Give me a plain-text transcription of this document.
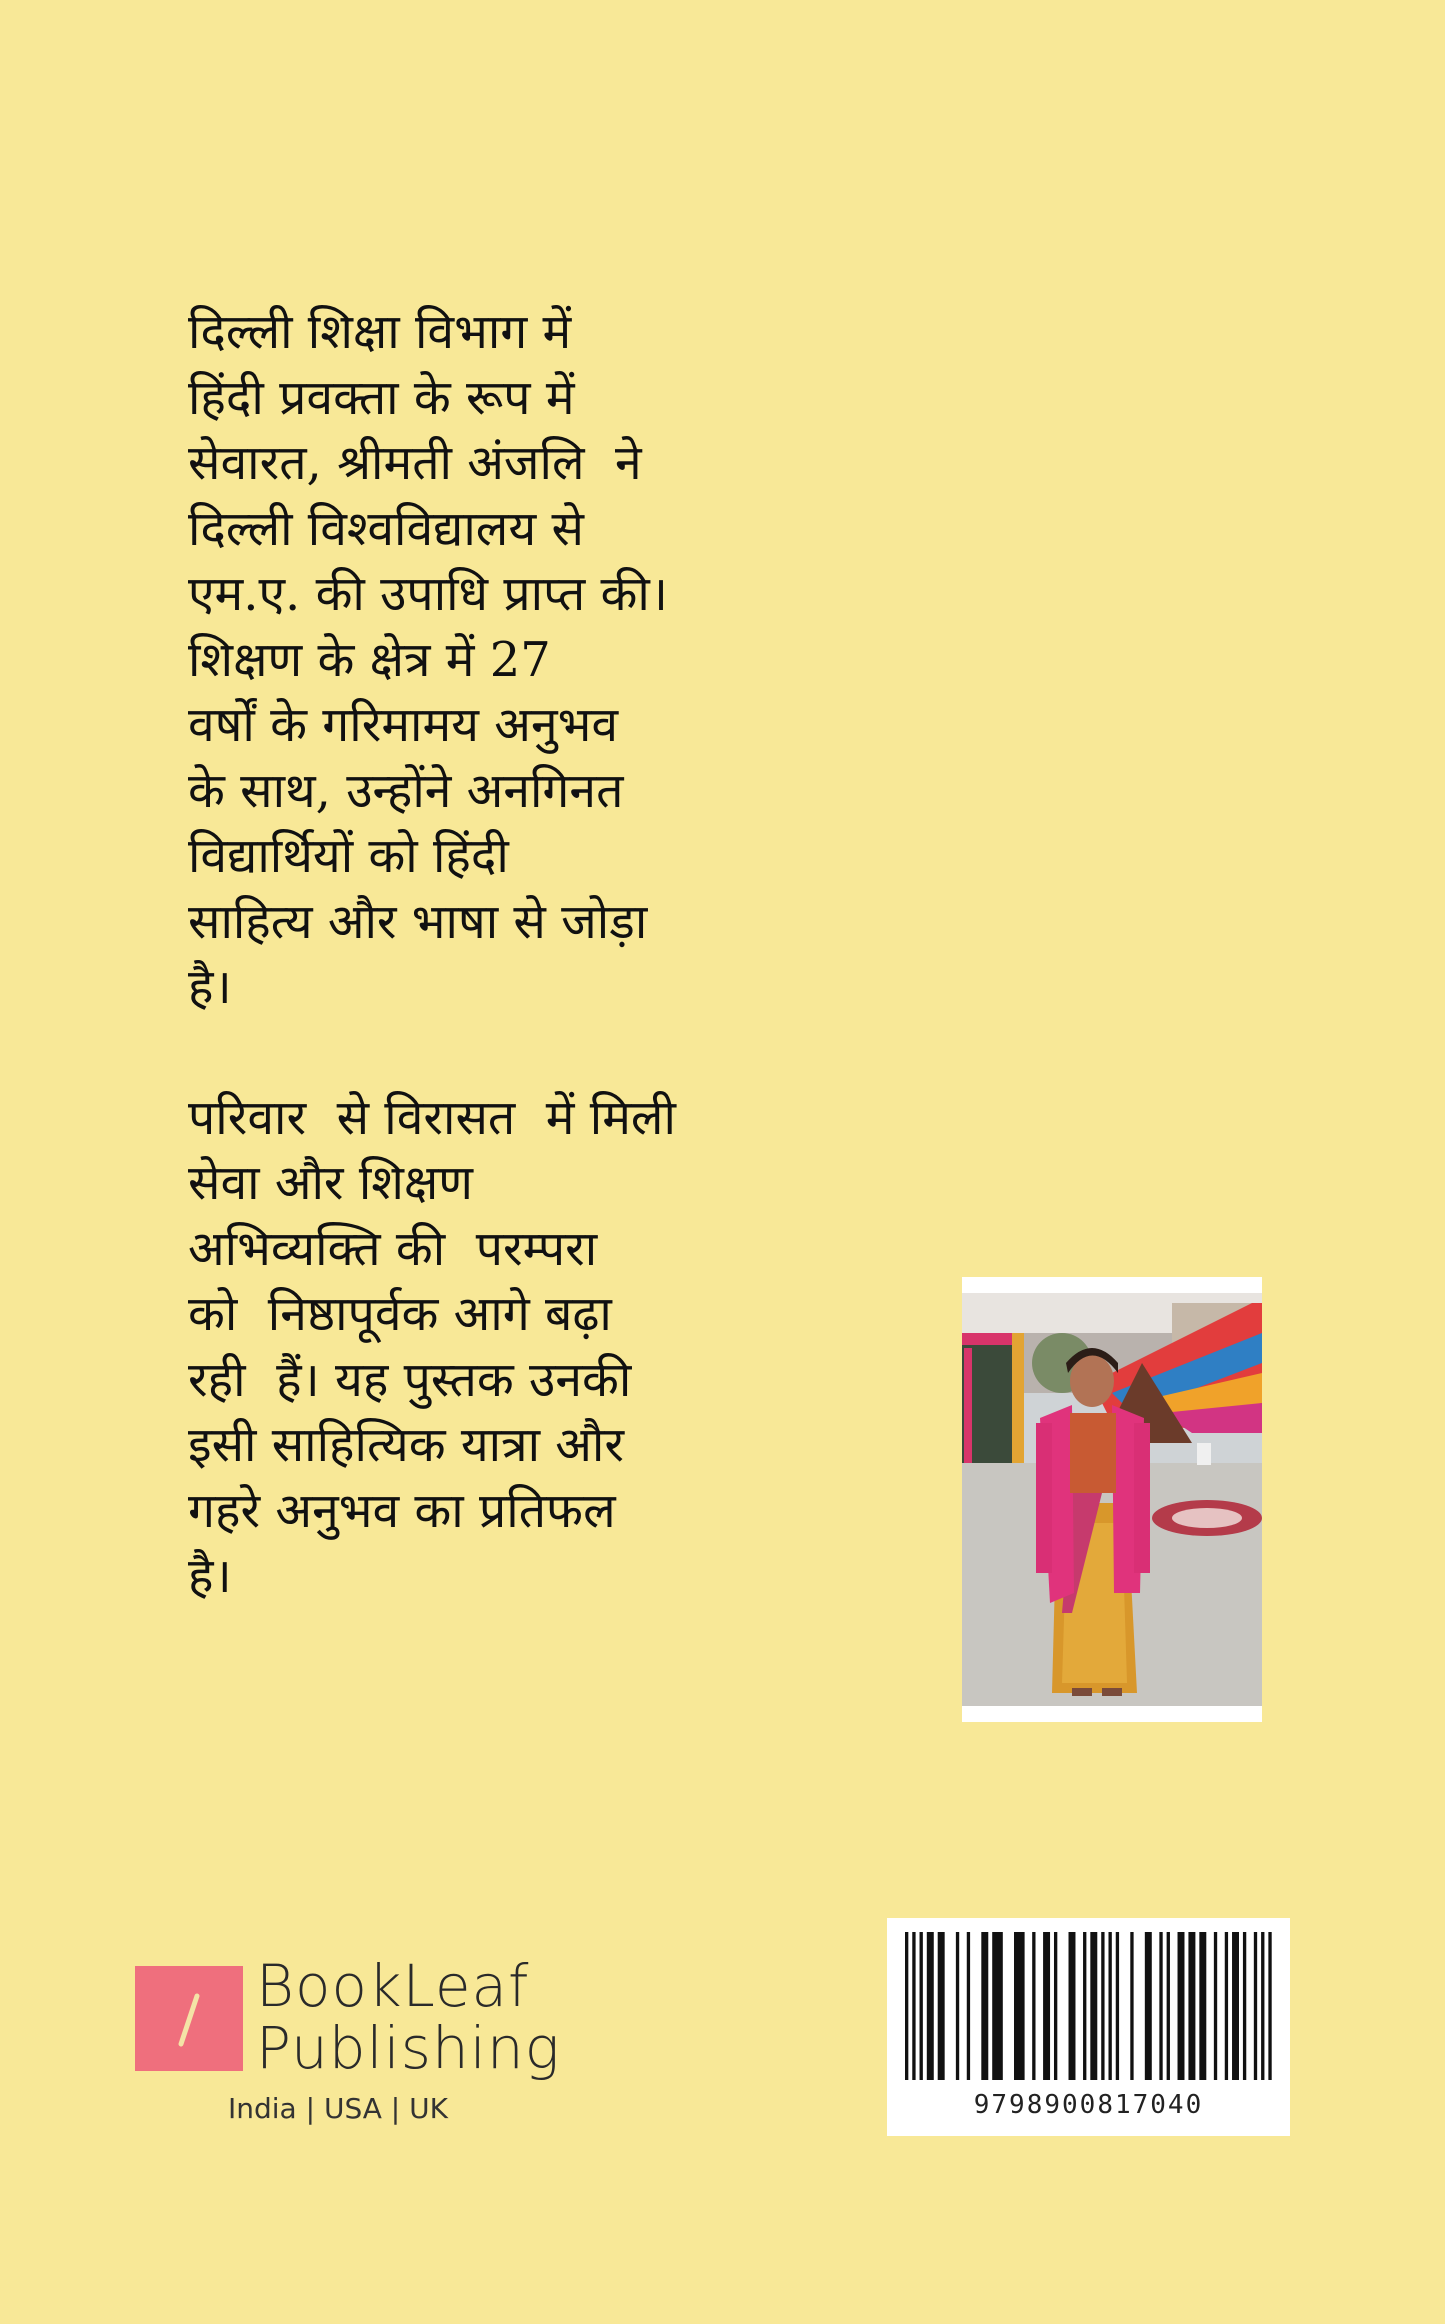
दिल्ली शिक्षा विभाग में
हिंदी प्रवक्ता के रूप में
सेवारत, श्रीमती अंजलि  ने
दिल्ली विश्वविद्यालय से
एम.ए. की उपाधि प्राप्त की।
शिक्षण के क्षेत्र में 27
वर्षों के गरिमामय अनुभव
के साथ, उन्होंने अनगिनत
विद्यार्थियों को हिंदी
साहित्य और भाषा से जोड़ा
है।
परिवार  से विरासत  में मिली
सेवा और शिक्षण
अभिव्यक्ति की  परम्परा
को  निष्ठापूर्वक आगे बढ़ा
रही  हैं। यह पुस्तक उनकी
इसी साहित्यिक यात्रा और
गहरे अनुभव का प्रतिफल
है।
BookLeaf
Publishing
India | USA | UK	9798900817040
